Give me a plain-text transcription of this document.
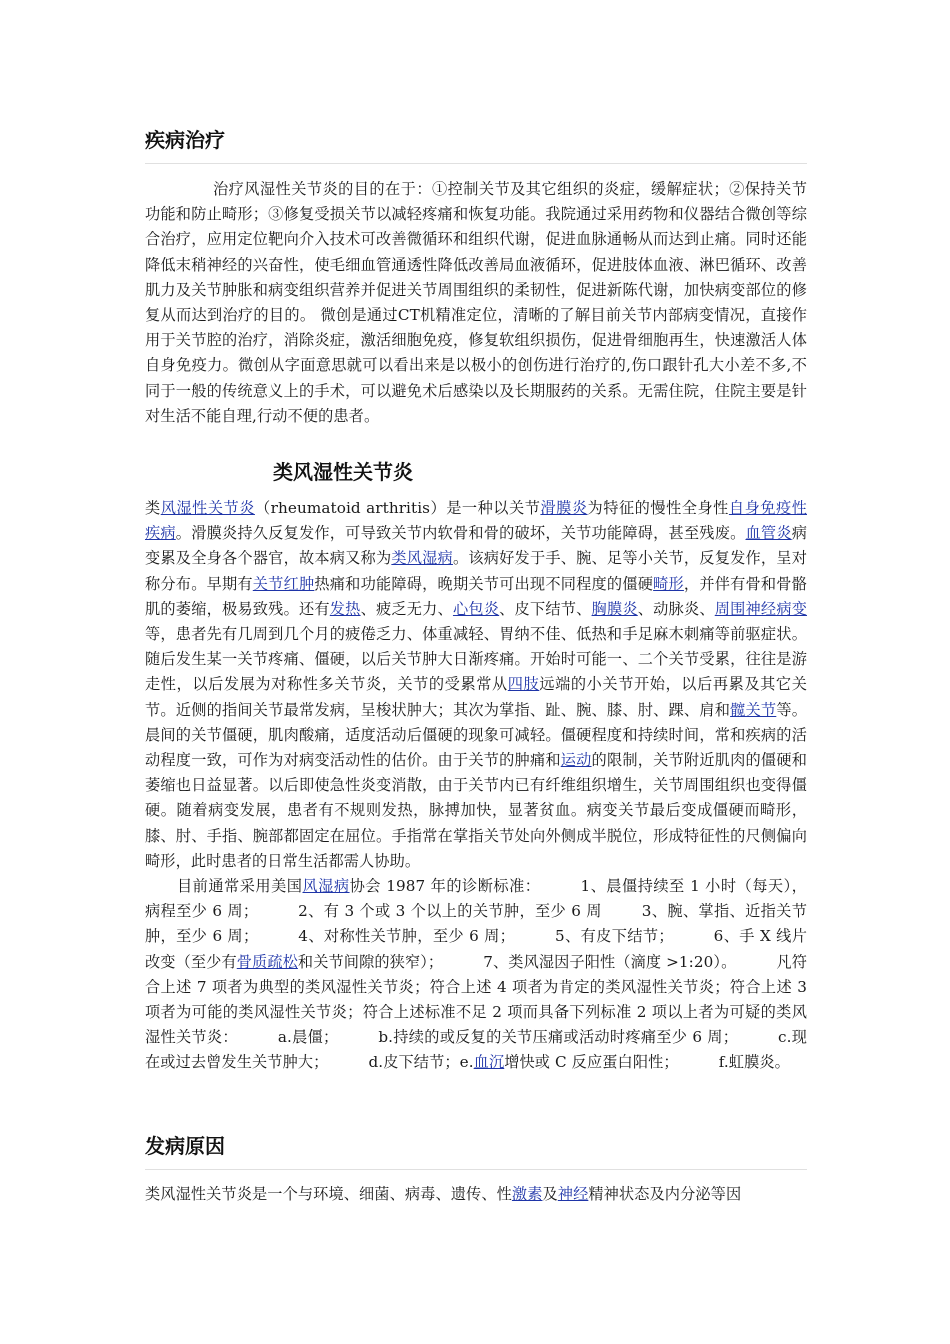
疾病治疗

治疗风湿性关节炎的目的在于：①控制关节及其它组织的炎症，缓解症状；②保持关节功能和防止畸形；③修复受损关节以减轻疼痛和恢复功能。我院通过采用药物和仪器结合微创等综合治疗，应用定位靶向介入技术可改善微循环和组织代谢，促进血脉通畅从而达到止痛。同时还能降低末稍神经的兴奋性，使毛细血管通透性降低改善局血液循环，促进肢体血液、淋巴循环、改善肌力及关节肿胀和病变组织营养并促进关节周围组织的柔韧性，促进新陈代谢，加快病变部位的修复从而达到治疗的目的。 微创是通过CT机精准定位，清晰的了解目前关节内部病变情况，直接作用于关节腔的治疗，消除炎症，激活细胞免疫，修复软组织损伤，促进骨细胞再生，快速激活人体自身免疫力。微创从字面意思就可以看出来是以极小的创伤进行治疗的,伤口跟针孔大小差不多,不同于一般的传统意义上的手术，可以避免术后感染以及长期服药的关系。无需住院，住院主要是针对生活不能自理,行动不便的患者。

类风湿性关节炎

类风湿性关节炎（rheumatoid arthritis）是一种以关节滑膜炎为特征的慢性全身性自身免疫性疾病。滑膜炎持久反复发作，可导致关节内软骨和骨的破坏，关节功能障碍，甚至残废。血管炎病变累及全身各个器官，故本病又称为类风湿病。该病好发于手、腕、足等小关节，反复发作，呈对称分布。早期有关节红肿热痛和功能障碍，晚期关节可出现不同程度的僵硬畸形，并伴有骨和骨骼肌的萎缩，极易致残。还有发热、疲乏无力、心包炎、皮下结节、胸膜炎、动脉炎、周围神经病变等，患者先有几周到几个月的疲倦乏力、体重减轻、胃纳不佳、低热和手足麻木刺痛等前驱症状。随后发生某一关节疼痛、僵硬，以后关节肿大日渐疼痛。开始时可能一、二个关节受累，往往是游走性，以后发展为对称性多关节炎，关节的受累常从四肢远端的小关节开始，以后再累及其它关节。近侧的指间关节最常发病，呈梭状肿大；其次为掌指、趾、腕、膝、肘、踝、肩和髋关节等。晨间的关节僵硬，肌肉酸痛，适度活动后僵硬的现象可减轻。僵硬程度和持续时间，常和疾病的活动程度一致，可作为对病变活动性的估价。由于关节的肿痛和运动的限制，关节附近肌肉的僵硬和萎缩也日益显著。以后即使急性炎变消散，由于关节内已有纤维组织增生，关节周围组织也变得僵硬。随着病变发展，患者有不规则发热，脉搏加快，显著贫血。病变关节最后变成僵硬而畸形，膝、肘、手指、腕部都固定在屈位。手指常在掌指关节处向外侧成半脱位，形成特征性的尺侧偏向畸形，此时患者的日常生活都需人协助。

目前通常采用美国风湿病协会 1987 年的诊断标准：	1、晨僵持续至 1 小时（每天），病程至少 6 周；	2、有 3 个或 3 个以上的关节肿，至少 6 周	3、腕、掌指、近指关节肿，至少 6 周；	4、对称性关节肿，至少 6 周；	5、有皮下结节；	6、手 X 线片改变（至少有骨质疏松和关节间隙的狭窄）；	7、类风湿因子阳性（滴度 >1:20）。	凡符合上述 7 项者为典型的类风湿性关节炎；符合上述 4 项者为肯定的类风湿性关节炎；符合上述 3 项者为可能的类风湿性关节炎；符合上述标准不足 2 项而具备下列标准 2 项以上者为可疑的类风湿性关节炎：	a.晨僵；	b.持续的或反复的关节压痛或活动时疼痛至少 6 周；	c.现在或过去曾发生关节肿大；	d.皮下结节；e.血沉增快或 C 反应蛋白阳性；	f.虹膜炎。

发病原因

类风湿性关节炎是一个与环境、细菌、病毒、遗传、性激素及神经精神状态及内分泌等因
